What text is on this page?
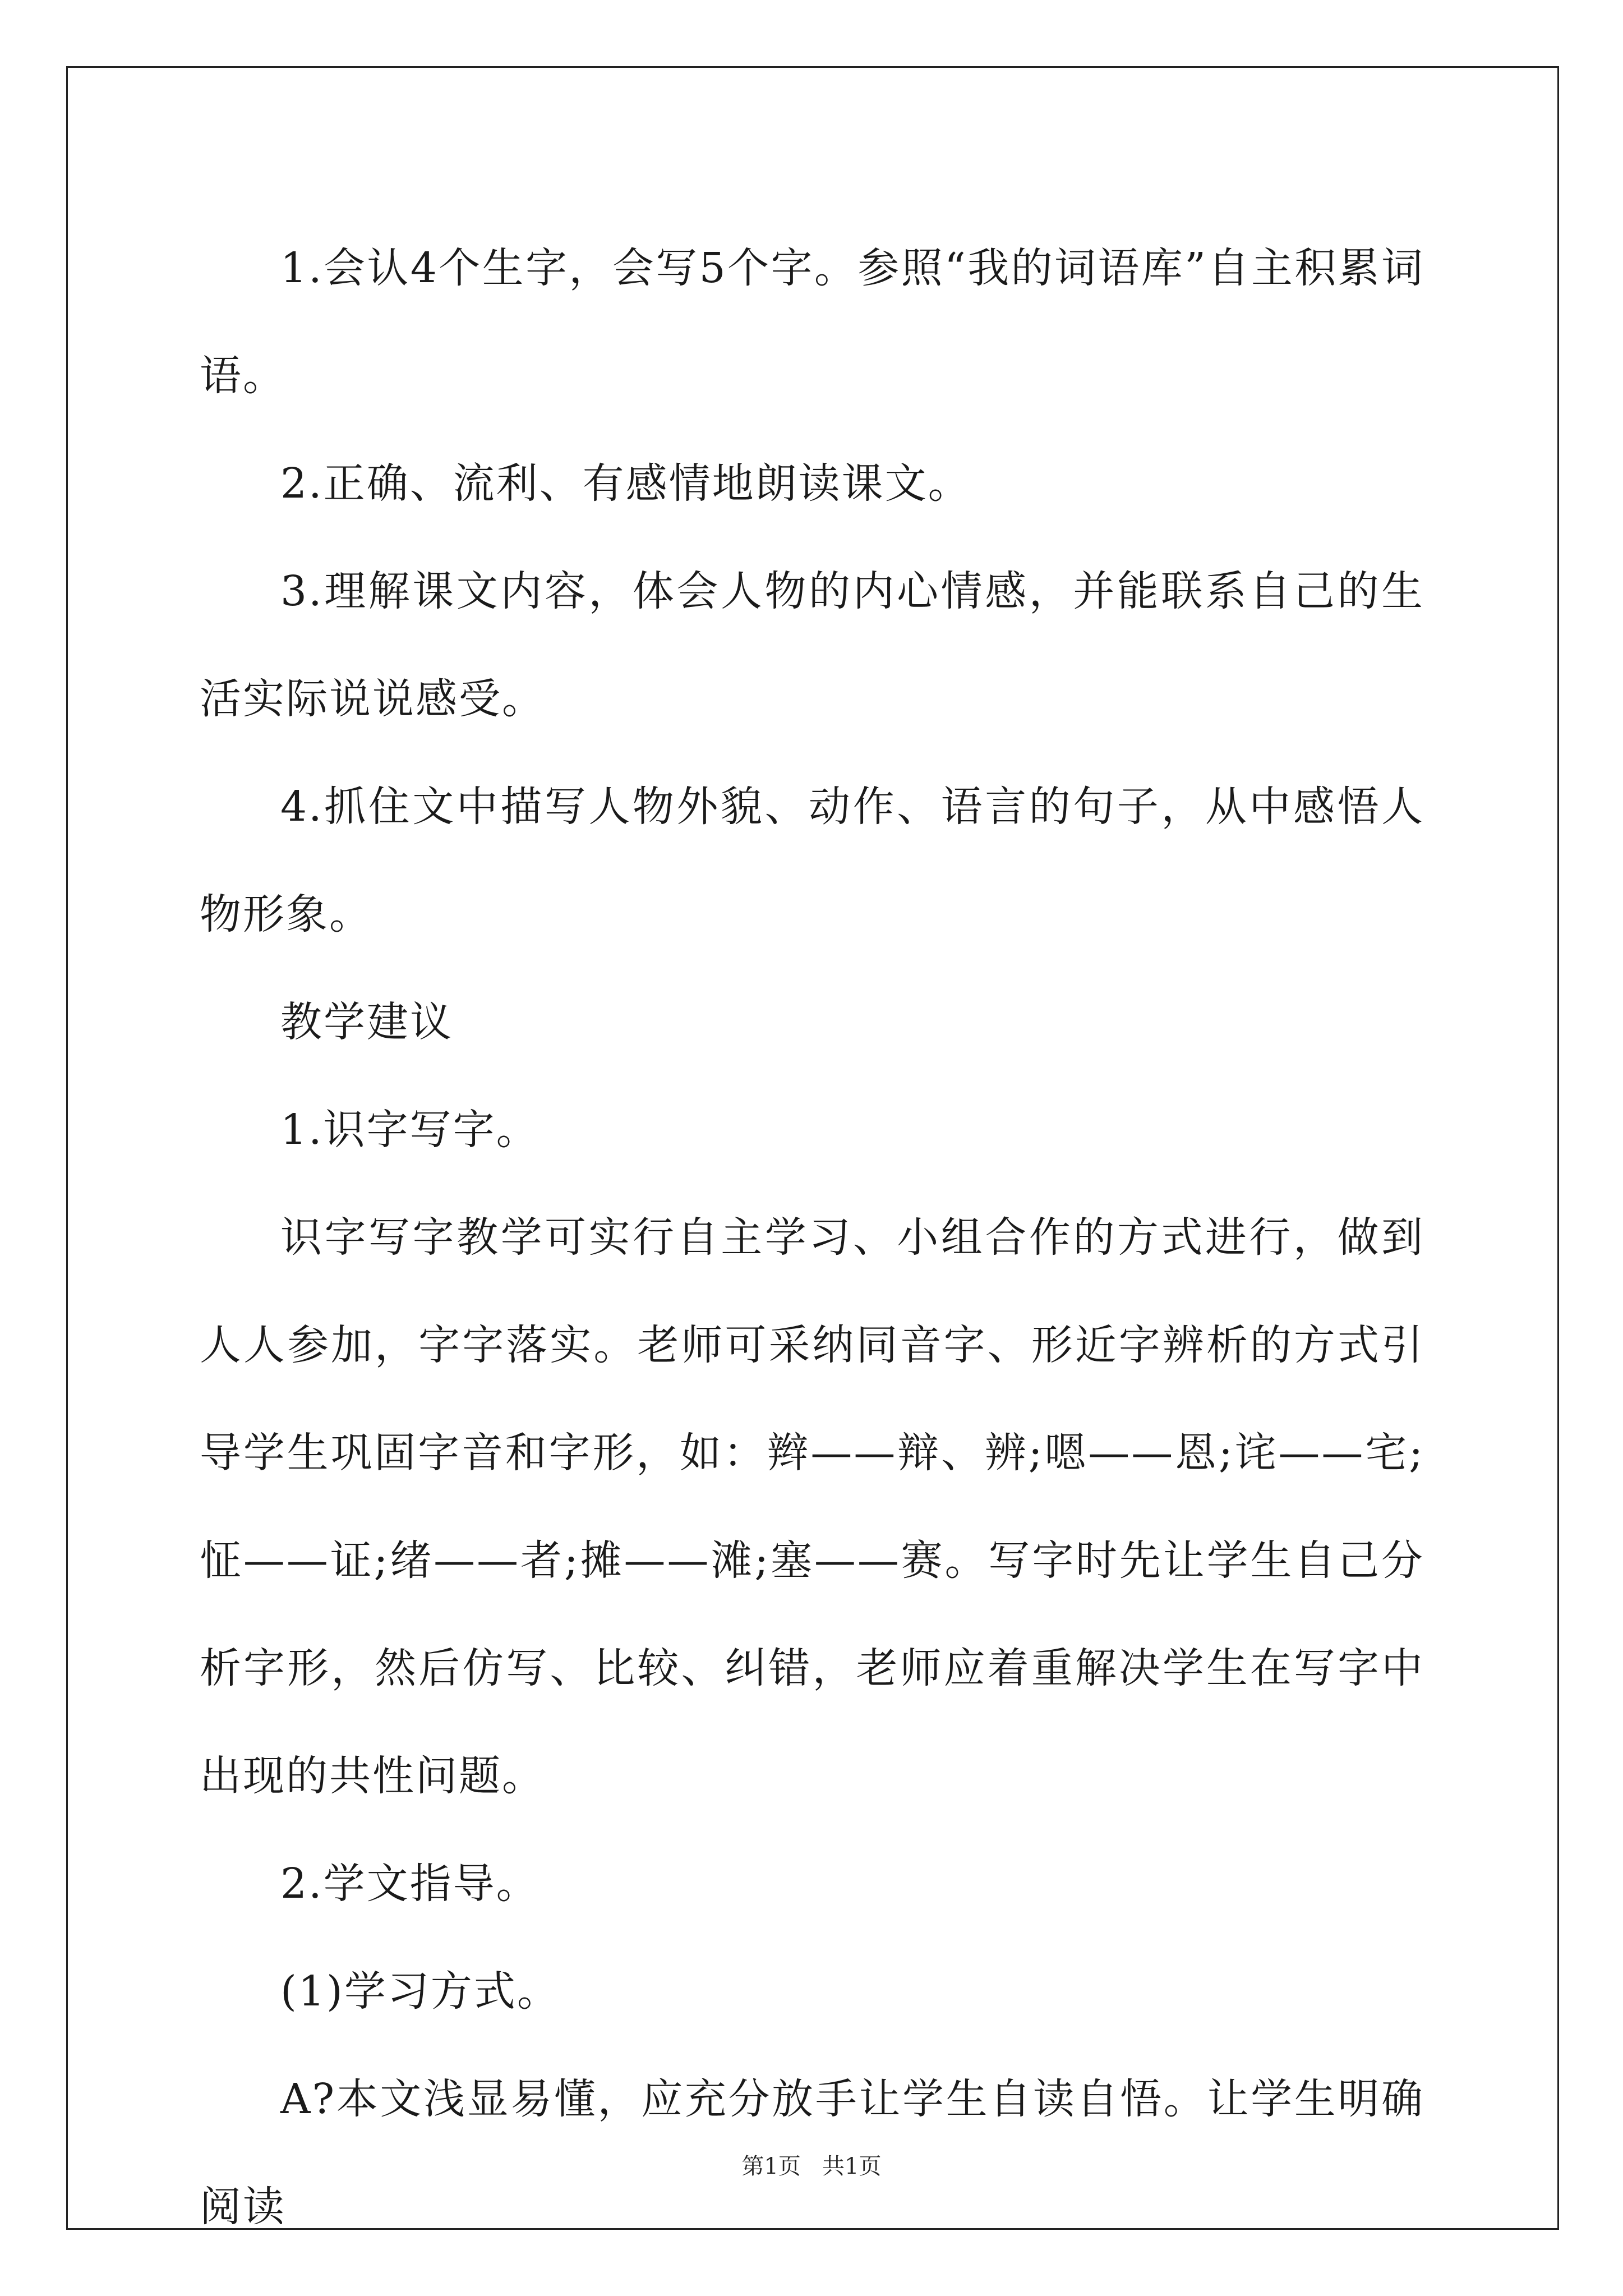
1.会认4个生字，会写5个字。参照“我的词语库”自主积累词语。

2.正确、流利、有感情地朗读课文。

3.理解课文内容，体会人物的内心情感，并能联系自己的生活实际说说感受。

4.抓住文中描写人物外貌、动作、语言的句子，从中感悟人物形象。

教学建议

1.识字写字。

识字写字教学可实行自主学习、小组合作的方式进行，做到人人参加，字字落实。老师可采纳同音字、形近字辨析的方式引导学生巩固字音和字形，如：辫——辩、辨;嗯——恩;诧——宅;怔——证;绪——者;摊——滩;塞——赛。写字时先让学生自己分析字形，然后仿写、比较、纠错，老师应着重解决学生在写字中出现的共性问题。

2.学文指导。

(1)学习方式。

A?本文浅显易懂，应充分放手让学生自读自悟。让学生明确阅读

第1页   共1页
